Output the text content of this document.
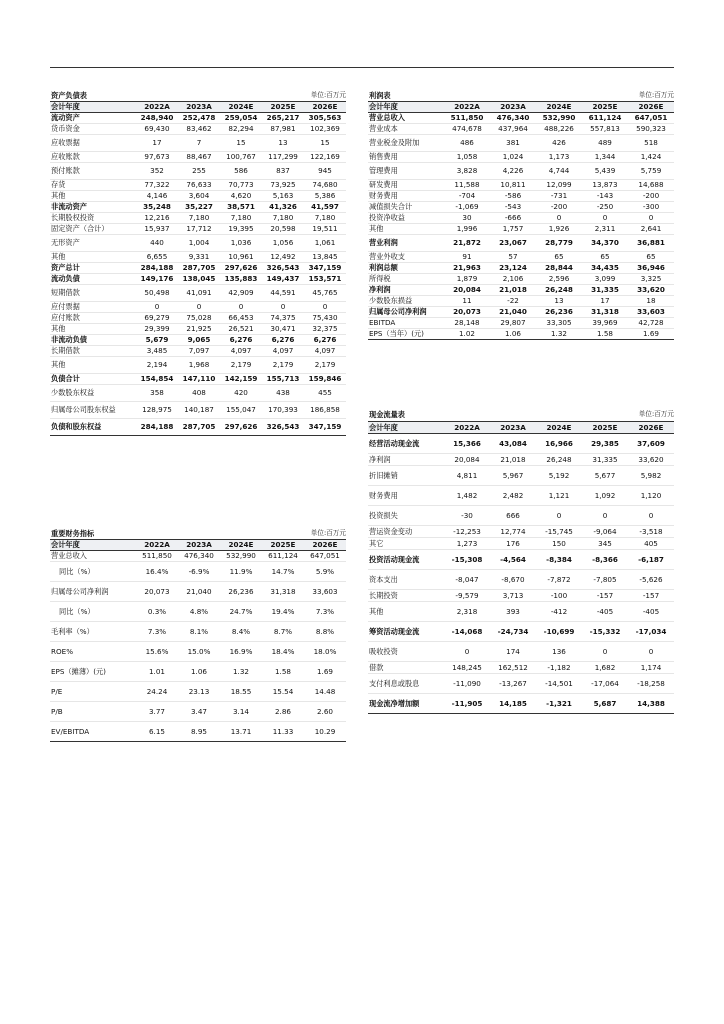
资产负债表				单位:百万元	
会计年度	2022A	2023A	2024E	2025E	2026E
流动资产	248,940	252,478	259,054	265,217	305,563
货币资金	69,430	83,462	82,294	87,981	102,369
应收票据	17	7	15	13	15
应收账款	97,673	88,467	100,767	117,299	122,169
预付账款	352	255	586	837	945
存货	77,322	76,633	70,773	73,925	74,680
其他	4,146	3,604	4,620	5,163	5,386
非流动资产	35,248	35,227	38,571	41,326	41,597
长期股权投资	12,216	7,180	7,180	7,180	7,180
固定资产（合计）	15,937	17,712	19,395	20,598	19,511
无形资产	440	1,004	1,036	1,056	1,061
其他	6,655	9,331	10,961	12,492	13,845
资产总计	284,188	287,705	297,626	326,543	347,159
流动负债	149,176	138,045	135,883	149,437	153,571
短期借款	50,498	41,091	42,909	44,591	45,765
应付票据	0	0	0	0	0
应付账款	69,279	75,028	66,453	74,375	75,430
其他	29,399	21,925	26,521	30,471	32,375
非流动负债	5,679	9,065	6,276	6,276	6,276
长期借款	3,485	7,097	4,097	4,097	4,097
其他	2,194	1,968	2,179	2,179	2,179
负债合计	154,854	147,110	142,159	155,713	159,846
少数股东权益	358	408	420	438	455
归属母公司股东权益	128,975	140,187	155,047	170,393	186,858
负债和股东权益	284,188	287,705	297,626	326,543	347,159
利润表				单位:百万元	
会计年度	2022A	2023A	2024E	2025E	2026E
营业总收入	511,850	476,340	532,990	611,124	647,051
营业成本	474,678	437,964	488,226	557,813	590,323
营业税金及附加	486	381	426	489	518
销售费用	1,058	1,024	1,173	1,344	1,424
管理费用	3,828	4,226	4,744	5,439	5,759
研发费用	11,588	10,811	12,099	13,873	14,688
财务费用	-704	-586	-731	-143	-200
减值损失合计	-1,069	-543	-200	-250	-300
投资净收益	30	-666	0	0	0
其他	1,996	1,757	1,926	2,311	2,641
营业利润	21,872	23,067	28,779	34,370	36,881
营业外收支	91	57	65	65	65
利润总额	21,963	23,124	28,844	34,435	36,946
所得税	1,879	2,106	2,596	3,099	3,325
净利润	20,084	21,018	26,248	31,335	33,620
少数股东损益	11	-22	13	17	18
归属母公司净利润	20,073	21,040	26,236	31,318	33,603
EBITDA	28,148	29,807	33,305	39,969	42,728
EPS（当年）(元)	1.02	1.06	1.32	1.58	1.69
现金流量表				单位:百万元	
会计年度	2022A	2023A	2024E	2025E	2026E
经营活动现金流	15,366	43,084	16,966	29,385	37,609
净利润	20,084	21,018	26,248	31,335	33,620
折旧摊销	4,811	5,967	5,192	5,677	5,982
财务费用	1,482	2,482	1,121	1,092	1,120
投资损失	-30	666	0	0	0
营运资金变动	-12,253	12,774	-15,745	-9,064	-3,518
其它	1,273	176	150	345	405
投资活动现金流	-15,308	-4,564	-8,384	-8,366	-6,187
资本支出	-8,047	-8,670	-7,872	-7,805	-5,626
长期投资	-9,579	3,713	-100	-157	-157
其他	2,318	393	-412	-405	-405
筹资活动现金流	-14,068	-24,734	-10,699	-15,332	-17,034
吸收投资	0	174	136	0	0
借款	148,245	162,512	-1,182	1,682	1,174
支付利息或股息	-11,090	-13,267	-14,501	-17,064	-18,258
现金流净增加额	-11,905	14,185	-1,321	5,687	14,388
重要财务指标				单位:百万元	
会计年度	2022A	2023A	2024E	2025E	2026E
营业总收入	511,850	476,340	532,990	611,124	647,051
同比（%）	16.4%	-6.9%	11.9%	14.7%	5.9%
归属母公司净利润	20,073	21,040	26,236	31,318	33,603
同比（%）	0.3%	4.8%	24.7%	19.4%	7.3%
毛利率（%）	7.3%	8.1%	8.4%	8.7%	8.8%
ROE%	15.6%	15.0%	16.9%	18.4%	18.0%
EPS（摊薄）(元)	1.01	1.06	1.32	1.58	1.69
P/E	24.24	23.13	18.55	15.54	14.48
P/B	3.77	3.47	3.14	2.86	2.60
EV/EBITDA	6.15	8.95	13.71	11.33	10.29
